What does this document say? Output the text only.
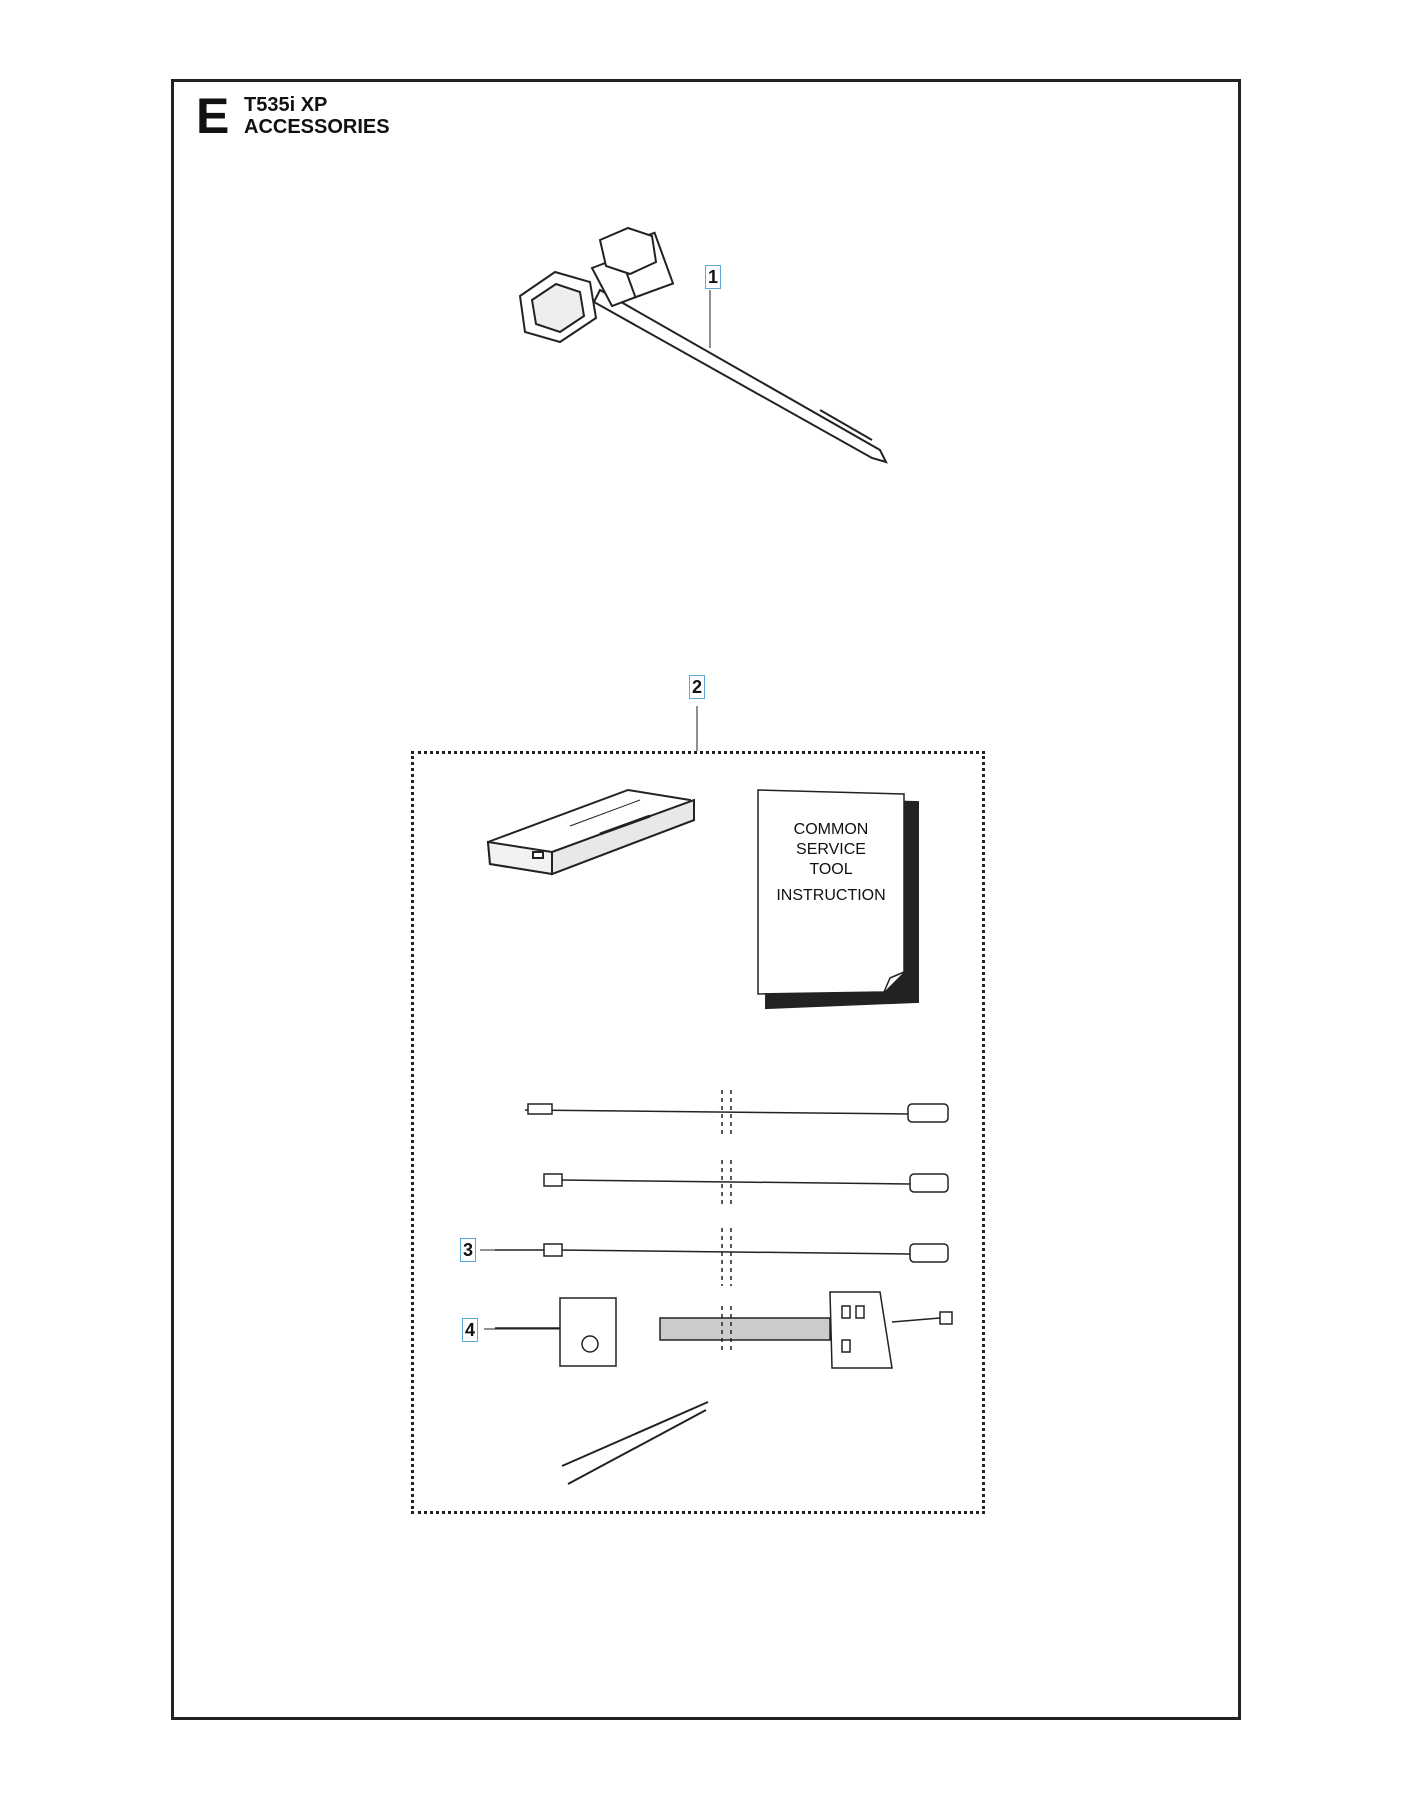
E T535i XP
ACCESSORIES
1
2
3
4
COMMON
SERVICE
TOOL
INSTRUCTION
